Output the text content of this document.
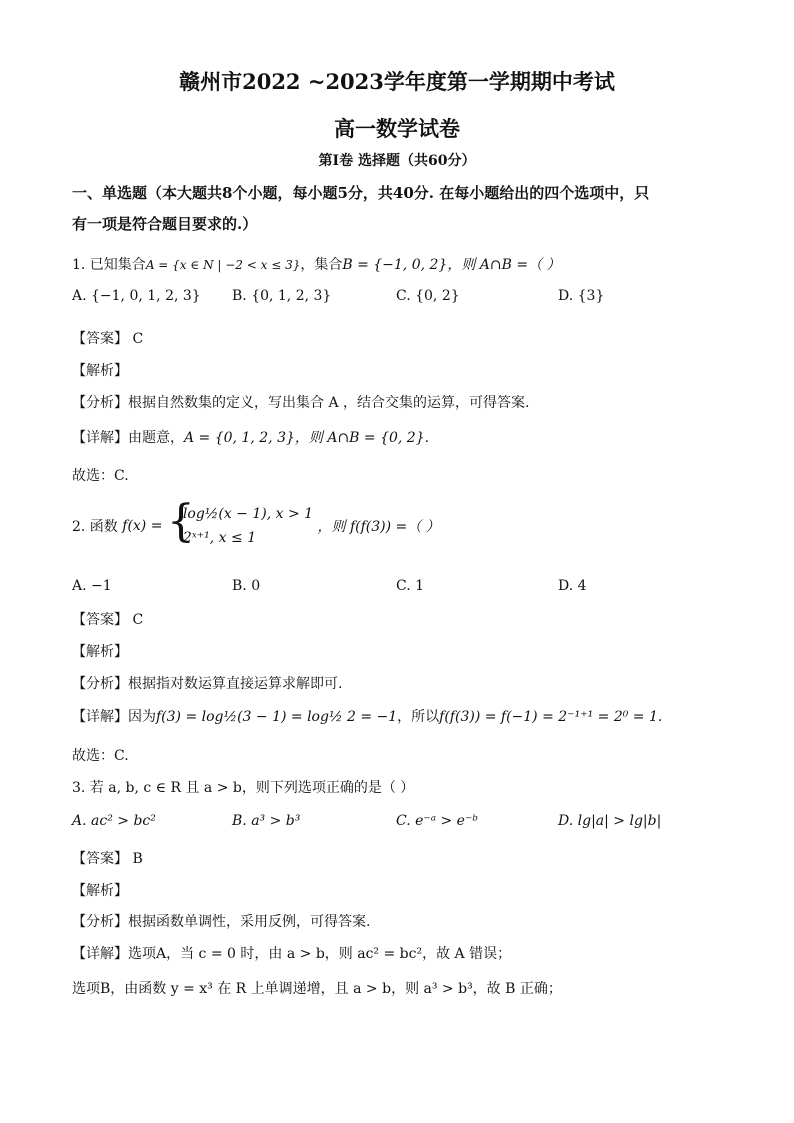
赣州市2022 ~2023学年度第一学期期中考试
高一数学试卷
第Ⅰ卷 选择题（共60分）
一、单选题（本大题共8个小题，每小题5分，共40分. 在每小题给出的四个选项中，只
有一项是符合题目要求的.）
1. 已知集合A = {x ∈ N | −2 < x ≤ 3}，集合B = {−1, 0, 2}，则 A∩B =（ ）
A. {−1, 0, 1, 2, 3} B. {0, 1, 2, 3}	C. {0, 2}	D. {3}
【答案】 C
【解析】
【分析】根据自然数集的定义，写出集合 A ，结合交集的运算，可得答案.
【详解】由题意，A = {0, 1, 2, 3}，则 A∩B = {0, 2}.
故选：C.
2. 函数 f(x) = {
log½(x − 1), x > 1
2ˣ⁺¹, x ≤ 1
，则 f(f(3)) =（ ）
A. −1	B. 0	C. 1	D. 4
【答案】 C
【解析】
【分析】根据指对数运算直接运算求解即可.
【详解】因为f(3) = log½(3 − 1) = log½ 2 = −1，所以f(f(3)) = f(−1) = 2⁻¹⁺¹ = 2⁰ = 1.
故选：C.
3. 若 a, b, c ∈ R 且 a > b，则下列选项正确的是（ ）
A. ac² > bc²	B. a³ > b³	C. e⁻ᵃ > e⁻ᵇ	D. lg|a| > lg|b|
【答案】 B
【解析】
【分析】根据函数单调性，采用反例，可得答案.
【详解】选项A，当 c = 0 时，由 a > b，则 ac² = bc²，故 A 错误；
选项B，由函数 y = x³ 在 R 上单调递增，且 a > b，则 a³ > b³，故 B 正确；
